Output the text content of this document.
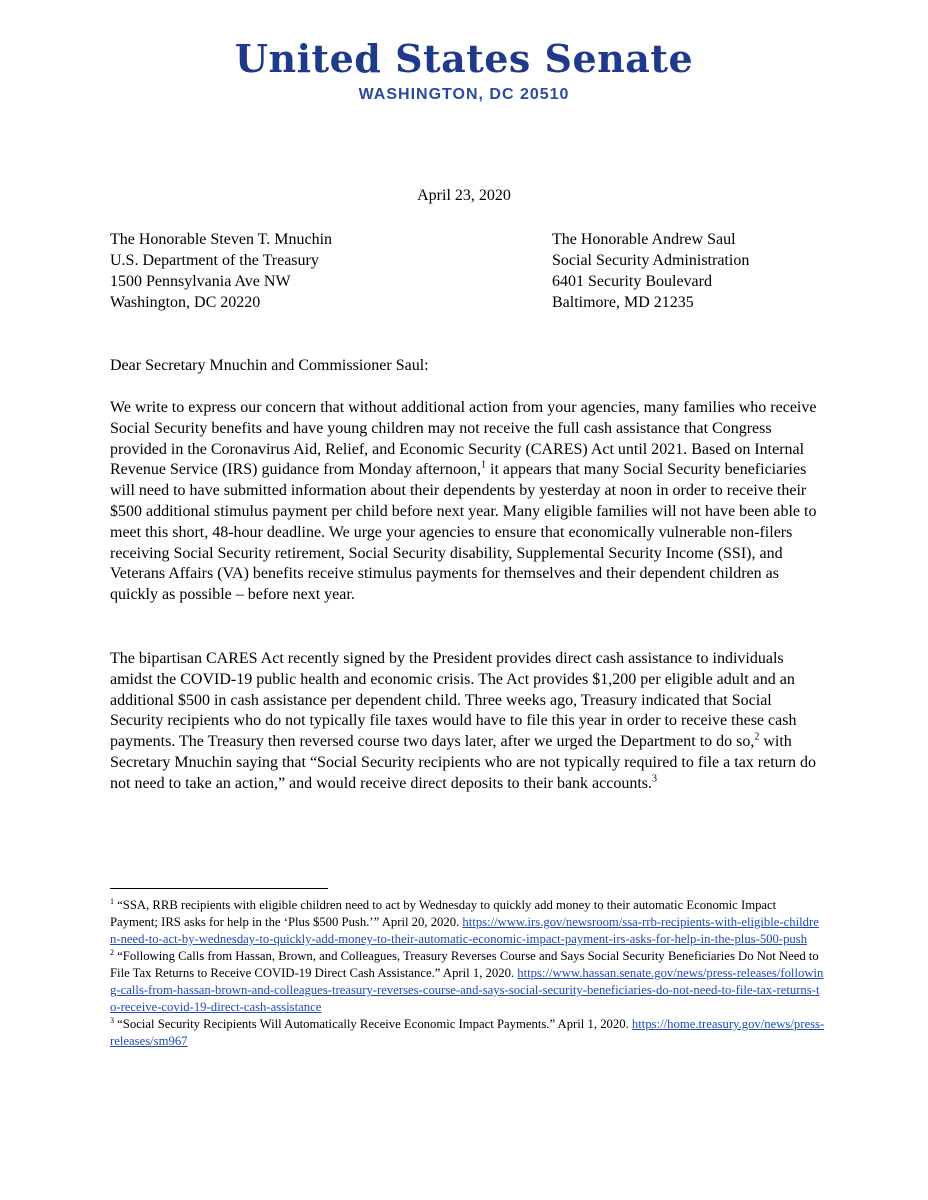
United States Senate
WASHINGTON, DC 20510
April 23, 2020
The Honorable Steven T. Mnuchin
U.S. Department of the Treasury
1500 Pennsylvania Ave NW
Washington, DC 20220
The Honorable Andrew Saul
Social Security Administration
6401 Security Boulevard
Baltimore, MD 21235
Dear Secretary Mnuchin and Commissioner Saul:

We write to express our concern that without additional action from your agencies, many families who receive Social Security benefits and have young children may not receive the full cash assistance that Congress provided in the Coronavirus Aid, Relief, and Economic Security (CARES) Act until 2021. Based on Internal Revenue Service (IRS) guidance from Monday afternoon,$^1$ it appears that many Social Security beneficiaries will need to have submitted information about their dependents by yesterday at noon in order to receive their $500 additional stimulus payment per child before next year. Many eligible families will not have been able to meet this short, 48-hour deadline. We urge your agencies to ensure that economically vulnerable non-filers receiving Social Security retirement, Social Security disability, Supplemental Security Income (SSI), and Veterans Affairs (VA) benefits receive stimulus payments for themselves and their dependent children as quickly as possible – before next year.

The bipartisan CARES Act recently signed by the President provides direct cash assistance to individuals amidst the COVID-19 public health and economic crisis. The Act provides $1,200 per eligible adult and an additional $500 in cash assistance per dependent child. Three weeks ago, Treasury indicated that Social Security recipients who do not typically file taxes would have to file this year in order to receive these cash payments. The Treasury then reversed course two days later, after we urged the Department to do so,$^2$ with Secretary Mnuchin saying that “Social Security recipients who are not typically required to file a tax return do not need to take an action,” and would receive direct deposits to their bank accounts.$^3$

$^1$ “SSA, RRB recipients with eligible children need to act by Wednesday to quickly add money to their automatic Economic Impact Payment; IRS asks for help in the ‘Plus $500 Push.’” April 20, 2020. https://www.irs.gov/newsroom/ssa-rrb-recipients-with-eligible-children-need-to-act-by-wednesday-to-quickly-add-money-to-their-automatic-economic-impact-payment-irs-asks-for-help-in-the-plus-500-push

$^2$ “Following Calls from Hassan, Brown, and Colleagues, Treasury Reverses Course and Says Social Security Beneficiaries Do Not Need to File Tax Returns to Receive COVID-19 Direct Cash Assistance.” April 1, 2020. https://www.hassan.senate.gov/news/press-releases/following-calls-from-hassan-brown-and-colleagues-treasury-reverses-course-and-says-social-security-beneficiaries-do-not-need-to-file-tax-returns-to-receive-covid-19-direct-cash-assistance

$^3$ “Social Security Recipients Will Automatically Receive Economic Impact Payments.” April 1, 2020. https://home.treasury.gov/news/press-releases/sm967
